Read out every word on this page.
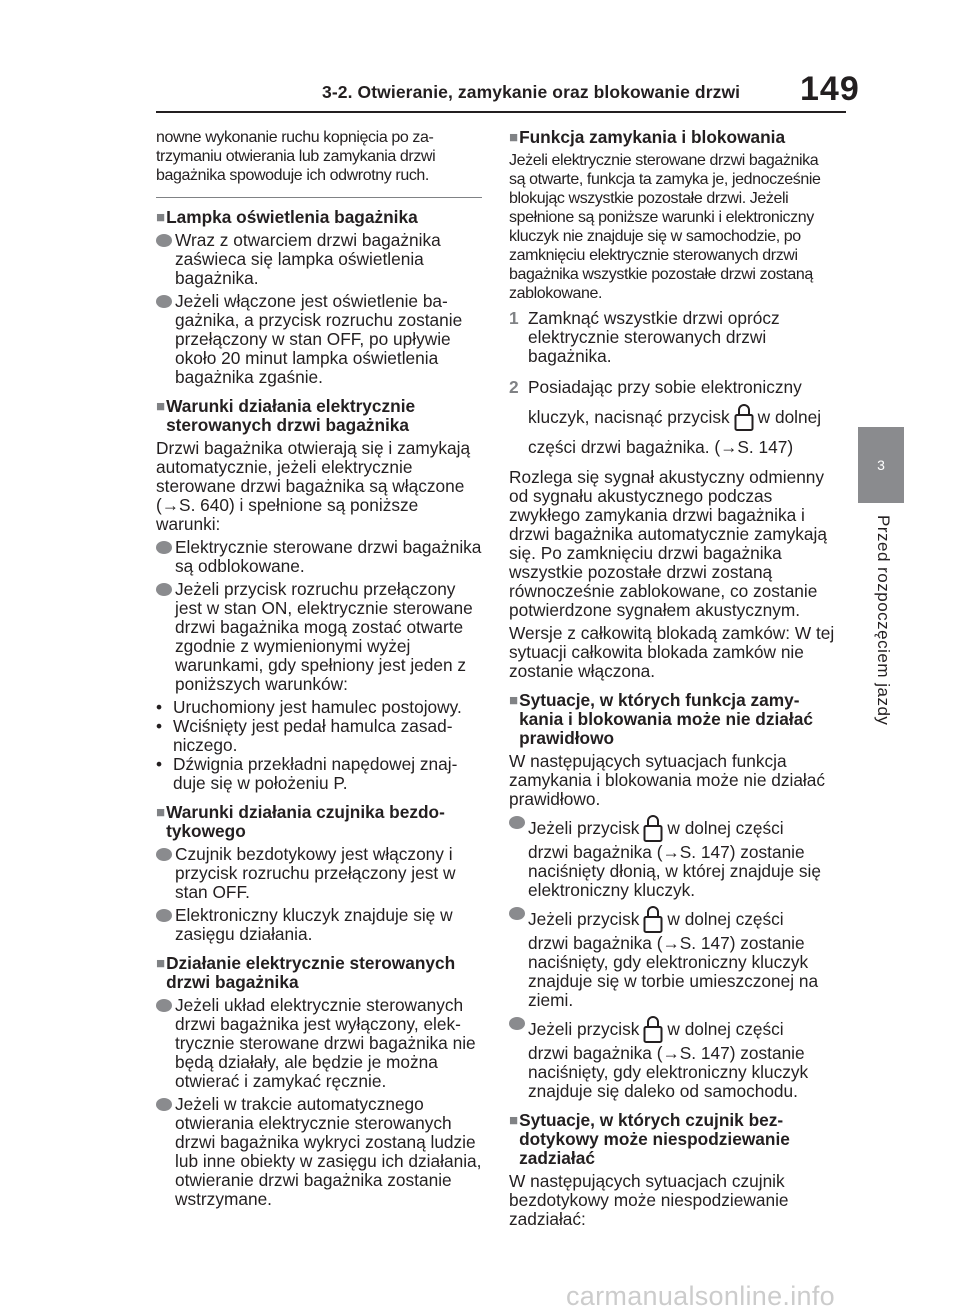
3-2. Otwieranie, zamykanie oraz blokowanie drzwi 149
3
Przed rozpoczęciem jazdy

nowne wykonanie ruchu kopnięcia po zatrzymaniu otwierania lub zamykania drzwi bagażnika spowoduje ich odwrotny ruch.

■ Lampka oświetlenia bagażnika
Wraz z otwarciem drzwi bagażnika zaświeca się lampka oświetlenia bagażnika.
Jeżeli włączone jest oświetlenie bagażnika, a przycisk rozruchu zostanie przełączony w stan OFF, po upływie około 20 minut lampka oświetlenia bagażnika zgaśnie.
■ Warunki działania elektrycznie sterowanych drzwi bagażnika

Drzwi bagażnika otwierają się i zamykają automatycznie, jeżeli elektrycznie sterowane drzwi bagażnika są włączone (→S. 640) i spełnione są poniższe warunki:

Elektrycznie sterowane drzwi bagażnika są odblokowane.
Jeżeli przycisk rozruchu przełączony jest w stan ON, elektrycznie sterowane drzwi bagażnika mogą zostać otwarte zgodnie z wymienionymi wyżej warunkami, gdy spełniony jest jeden z poniższych warunków:
• Uruchomiony jest hamulec postojowy.
• Wciśnięty jest pedał hamulca zasadniczego.
• Dźwignia przekładni napędowej znajduje się w położeniu P.
■ Warunki działania czujnika bezdotykowego
Czujnik bezdotykowy jest włączony i przycisk rozruchu przełączony jest w stan OFF.
Elektroniczny kluczyk znajduje się w zasięgu działania.
■ Działanie elektrycznie sterowanych drzwi bagażnika
Jeżeli układ elektrycznie sterowanych drzwi bagażnika jest wyłączony, elektrycznie sterowane drzwi bagażnika nie będą działały, ale będzie je można otwierać i zamykać ręcznie.
Jeżeli w trakcie automatycznego otwierania elektrycznie sterowanych drzwi bagażnika wykryci zostaną ludzie lub inne obiekty w zasięgu ich działania, otwieranie drzwi bagażnika zostanie wstrzymane.
■ Funkcja zamykania i blokowania

Jeżeli elektrycznie sterowane drzwi bagażnika są otwarte, funkcja ta zamyka je, jednocześnie blokując wszystkie pozostałe drzwi. Jeżeli spełnione są poniższe warunki i elektroniczny kluczyk nie znajduje się w samochodzie, po zamknięciu elektrycznie sterowanych drzwi bagażnika wszystkie pozostałe drzwi zostaną zablokowane.

1 Zamknąć wszystkie drzwi oprócz elektrycznie sterowanych drzwi bagażnika.
2 Posiadając przy sobie elektroniczny kluczyk, nacisnąć przycisk w dolnej części drzwi bagażnika. (→S. 147)

Rozlega się sygnał akustyczny odmienny od sygnału akustycznego podczas zwykłego zamykania drzwi bagażnika i drzwi bagażnika automatycznie zamykają się. Po zamknięciu drzwi bagażnika wszystkie pozostałe drzwi zostaną równocześnie zablokowane, co zostanie potwierdzone sygnałem akustycznym.

Wersje z całkowitą blokadą zamków: W tej sytuacji całkowita blokada zamków nie zostanie włączona.

■ Sytuacje, w których funkcja zamykania i blokowania może nie działać prawidłowo

W następujących sytuacjach funkcja zamykania i blokowania może nie działać prawidłowo.

Jeżeli przycisk w dolnej części
drzwi bagażnika (→S. 147) zostanie naciśnięty dłonią, w której znajduje się elektroniczny kluczyk.
Jeżeli przycisk w dolnej części
drzwi bagażnika (→S. 147) zostanie naciśnięty, gdy elektroniczny kluczyk znajduje się w torbie umieszczonej na ziemi.
Jeżeli przycisk w dolnej części
drzwi bagażnika (→S. 147) zostanie naciśnięty, gdy elektroniczny kluczyk znajduje się daleko od samochodu.
■ Sytuacje, w których czujnik bezdotykowy może niespodziewanie zadziałać

W następujących sytuacjach czujnik bezdotykowy może niespodziewanie zadziałać:

carmanualsonline.info
